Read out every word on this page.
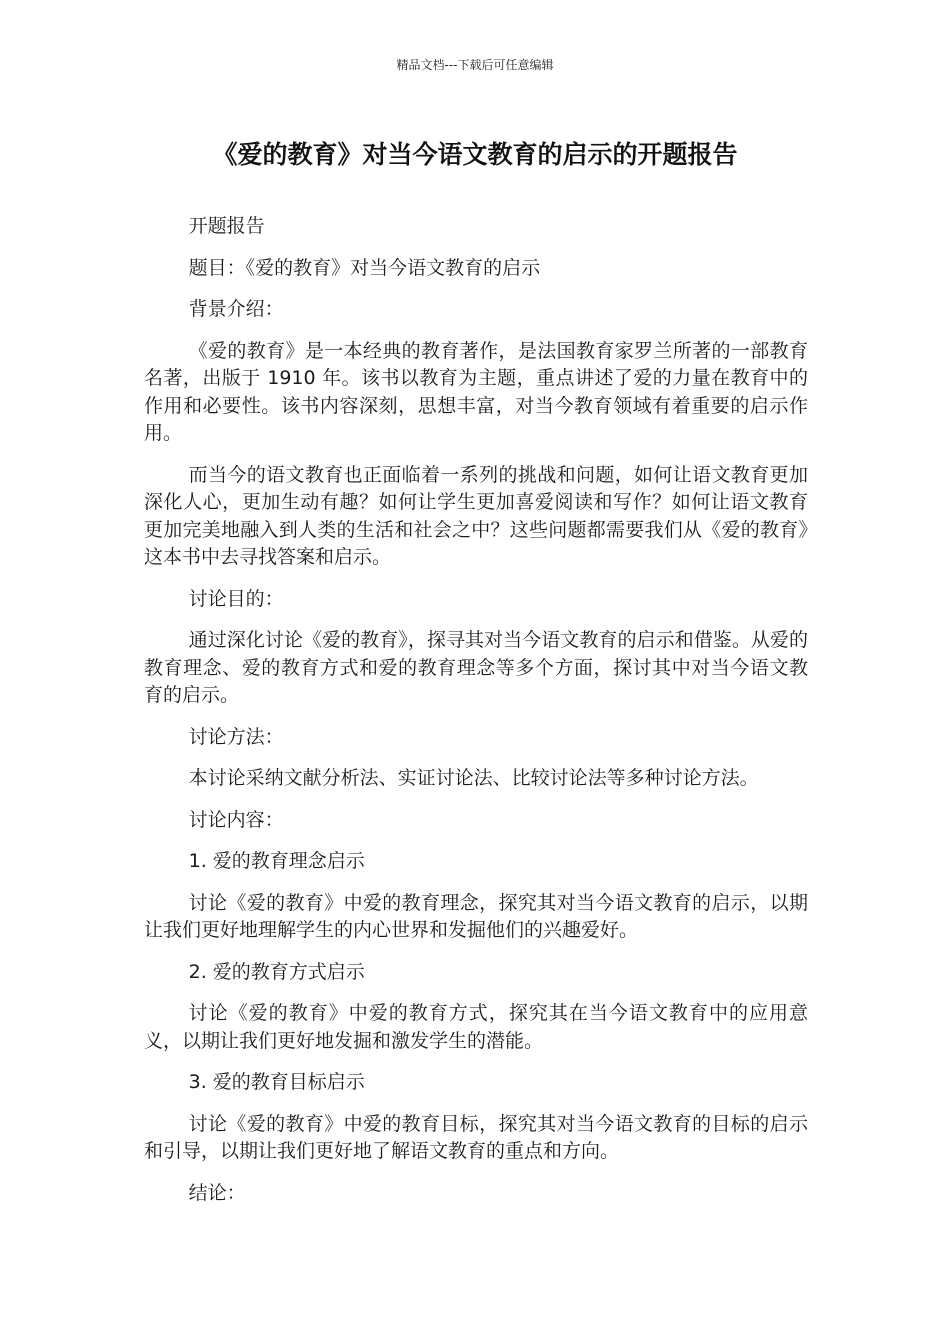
精品文档---下载后可任意编辑
《爱的教育》对当今语文教育的启示的开题报告

开题报告

题目：《爱的教育》对当今语文教育的启示

背景介绍：

《爱的教育》是一本经典的教育著作，是法国教育家罗兰所著的一部教育名著，出版于 1910 年。该书以教育为主题，重点讲述了爱的力量在教育中的作用和必要性。该书内容深刻，思想丰富，对当今教育领域有着重要的启示作用。

而当今的语文教育也正面临着一系列的挑战和问题，如何让语文教育更加深化人心，更加生动有趣？如何让学生更加喜爱阅读和写作？如何让语文教育更加完美地融入到人类的生活和社会之中？这些问题都需要我们从《爱的教育》这本书中去寻找答案和启示。

讨论目的：

通过深化讨论《爱的教育》，探寻其对当今语文教育的启示和借鉴。从爱的教育理念、爱的教育方式和爱的教育理念等多个方面，探讨其中对当今语文教育的启示。

讨论方法：

本讨论采纳文献分析法、实证讨论法、比较讨论法等多种讨论方法。

讨论内容：

1. 爱的教育理念启示

讨论《爱的教育》中爱的教育理念，探究其对当今语文教育的启示，以期让我们更好地理解学生的内心世界和发掘他们的兴趣爱好。

2. 爱的教育方式启示

讨论《爱的教育》中爱的教育方式，探究其在当今语文教育中的应用意义，以期让我们更好地发掘和激发学生的潜能。

3. 爱的教育目标启示

讨论《爱的教育》中爱的教育目标，探究其对当今语文教育的目标的启示和引导，以期让我们更好地了解语文教育的重点和方向。

结论：
